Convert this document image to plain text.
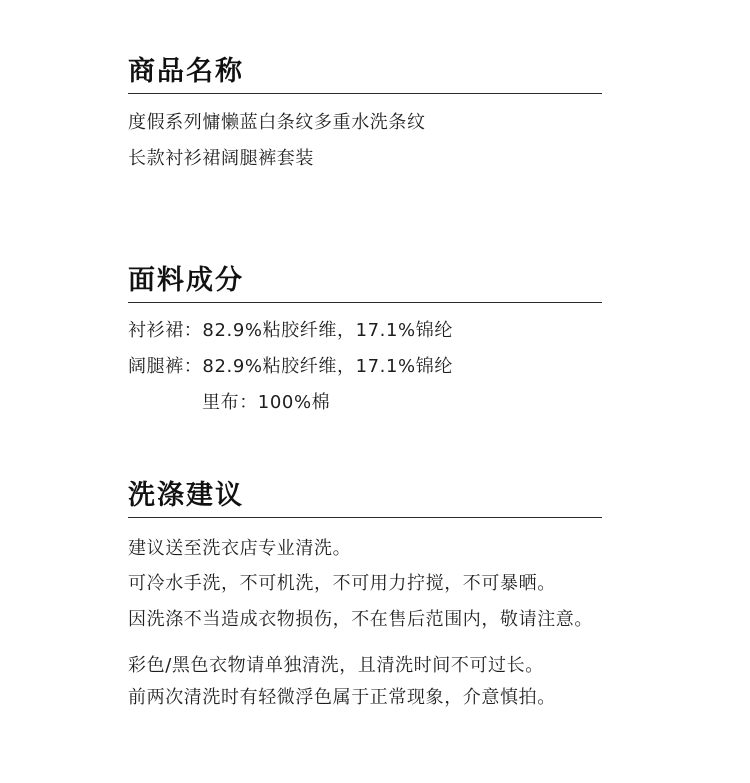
商品名称
度假系列慵懒蓝白条纹多重水洗条纹
长款衬衫裙阔腿裤套装
面料成分
衬衫裙：82.9%粘胶纤维，17.1%锦纶
阔腿裤：82.9%粘胶纤维，17.1%锦纶
里布：100%棉
洗涤建议
建议送至洗衣店专业清洗。
可冷水手洗，不可机洗，不可用力拧搅，不可暴晒。
因洗涤不当造成衣物损伤，不在售后范围内，敬请注意。
彩色/黑色衣物请单独清洗，且清洗时间不可过长。
前两次清洗时有轻微浮色属于正常现象，介意慎拍。
